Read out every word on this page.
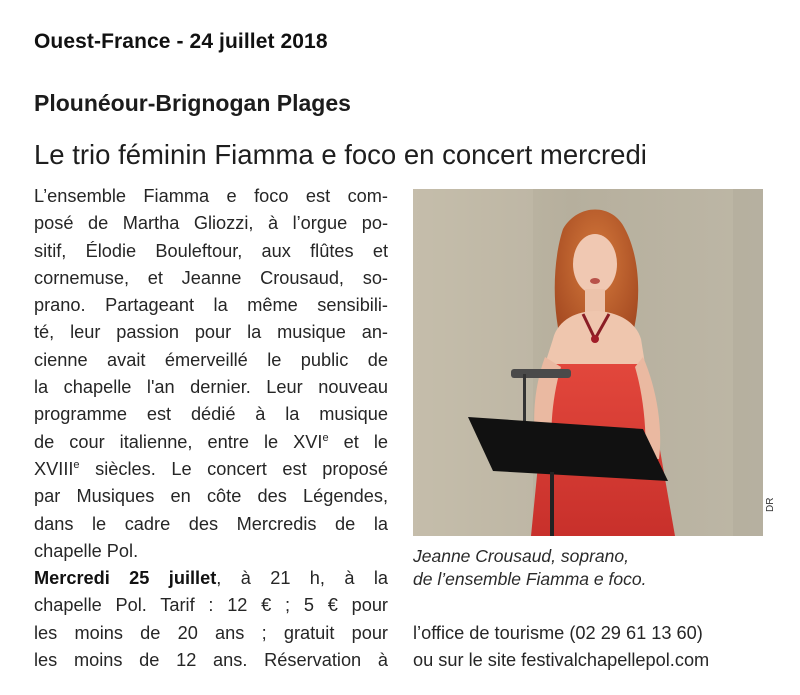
Ouest-France - 24 juillet 2018
Plounéour-Brignogan Plages
Le trio féminin Fiamma e foco en concert mercredi
L’ensemble Fiamma e foco est com-
posé de Martha Gliozzi, à l’orgue po-
sitif, Élodie Bouleftour, aux flûtes et
cornemuse, et Jeanne Crousaud, so-
prano. Partageant la même sensibili-
té, leur passion pour la musique an-
cienne avait émerveillé le public de
la chapelle l'an dernier. Leur nouveau
programme est dédié à la musique
de cour italienne, entre le XVIe et le
XVIIIe siècles. Le concert est proposé
par Musiques en côte des Légendes,
dans le cadre des Mercredis de la
chapelle Pol.
Mercredi 25 juillet, à 21 h, à la
chapelle Pol. Tarif : 12 € ; 5 € pour
les moins de 20 ans ; gratuit pour
les moins de 12 ans. Réservation à
DR
Jeanne Crousaud, soprano,
de l’ensemble Fiamma e foco.
l’office de tourisme (02 29 61 13 60)
ou sur le site festivalchapellepol.com
